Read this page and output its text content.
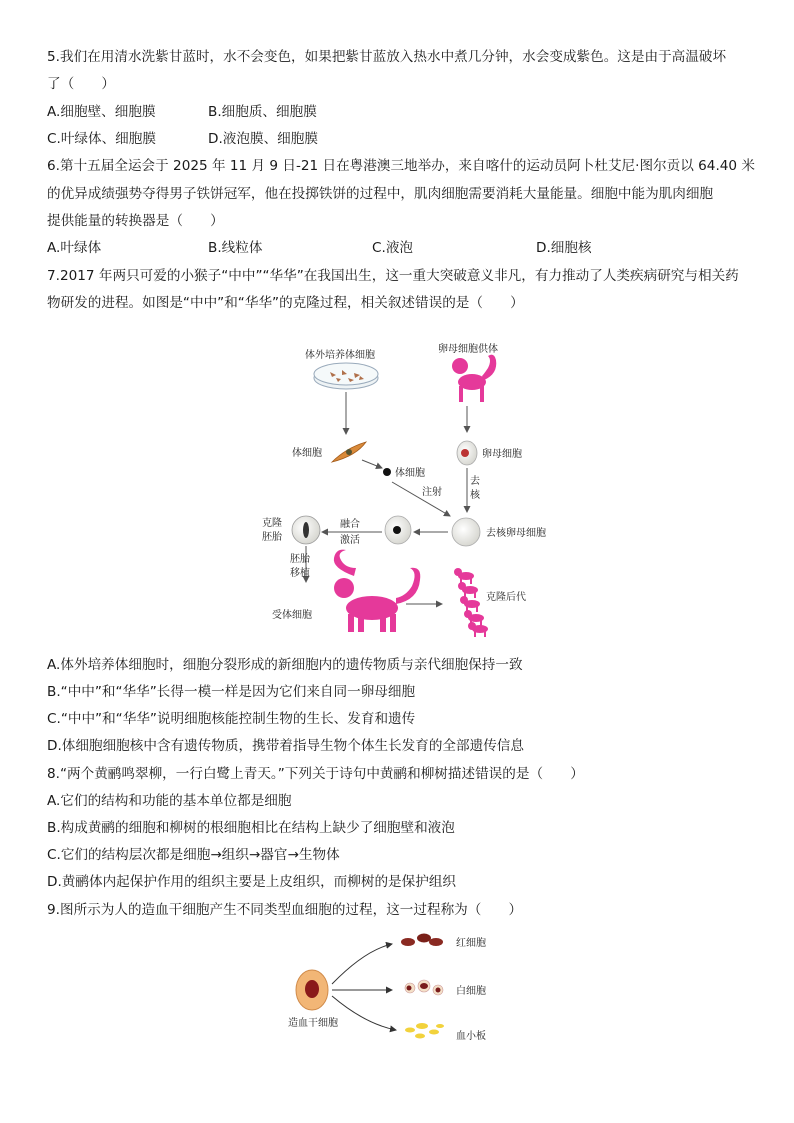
5.我们在用清水洗紫甘蓝时，水不会变色，如果把紫甘蓝放入热水中煮几分钟，水会变成紫色。这是由于高温破坏
了（　　）
A.细胞壁、细胞膜	B.细胞质、细胞膜
C.叶绿体、细胞膜	D.液泡膜、细胞膜
6.第十五届全运会于 2025 年 11 月 9 日-21 日在粤港澳三地举办，来自喀什的运动员阿卜杜艾尼·图尔贡以 64.40 米
的优异成绩强势夺得男子铁饼冠军，他在投掷铁饼的过程中，肌肉细胞需要消耗大量能量。细胞中能为肌肉细胞
提供能量的转换器是（　　）
A.叶绿体	B.线粒体	C.液泡	D.细胞核
7.2017 年两只可爱的小猴子“中中”“华华”在我国出生，这一重大突破意义非凡，有力推动了人类疾病研究与相关药
物研发的进程。如图是“中中”和“华华”的克隆过程，相关叙述错误的是（　　）
体外培养体细胞
卵母细胞供体
体细胞	卵母细胞
体细胞
注射
去
核
去核卵母细胞
融合
激活
克隆
胚胎
胚胎
移植
受体细胞
克隆后代
A.体外培养体细胞时，细胞分裂形成的新细胞内的遗传物质与亲代细胞保持一致
B.“中中”和“华华”长得一模一样是因为它们来自同一卵母细胞
C.“中中”和“华华”说明细胞核能控制生物的生长、发育和遗传
D.体细胞细胞核中含有遗传物质，携带着指导生物个体生长发育的全部遗传信息
8.“两个黄鹂鸣翠柳，一行白鹭上青天。”下列关于诗句中黄鹂和柳树描述错误的是（　　）
A.它们的结构和功能的基本单位都是细胞
B.构成黄鹂的细胞和柳树的根细胞相比在结构上缺少了细胞壁和液泡
C.它们的结构层次都是细胞→组织→器官→生物体
D.黄鹂体内起保护作用的组织主要是上皮组织，而柳树的是保护组织
9.图所示为人的造血干细胞产生不同类型血细胞的过程，这一过程称为（　　）
造血干细胞
红细胞
白细胞
血小板
